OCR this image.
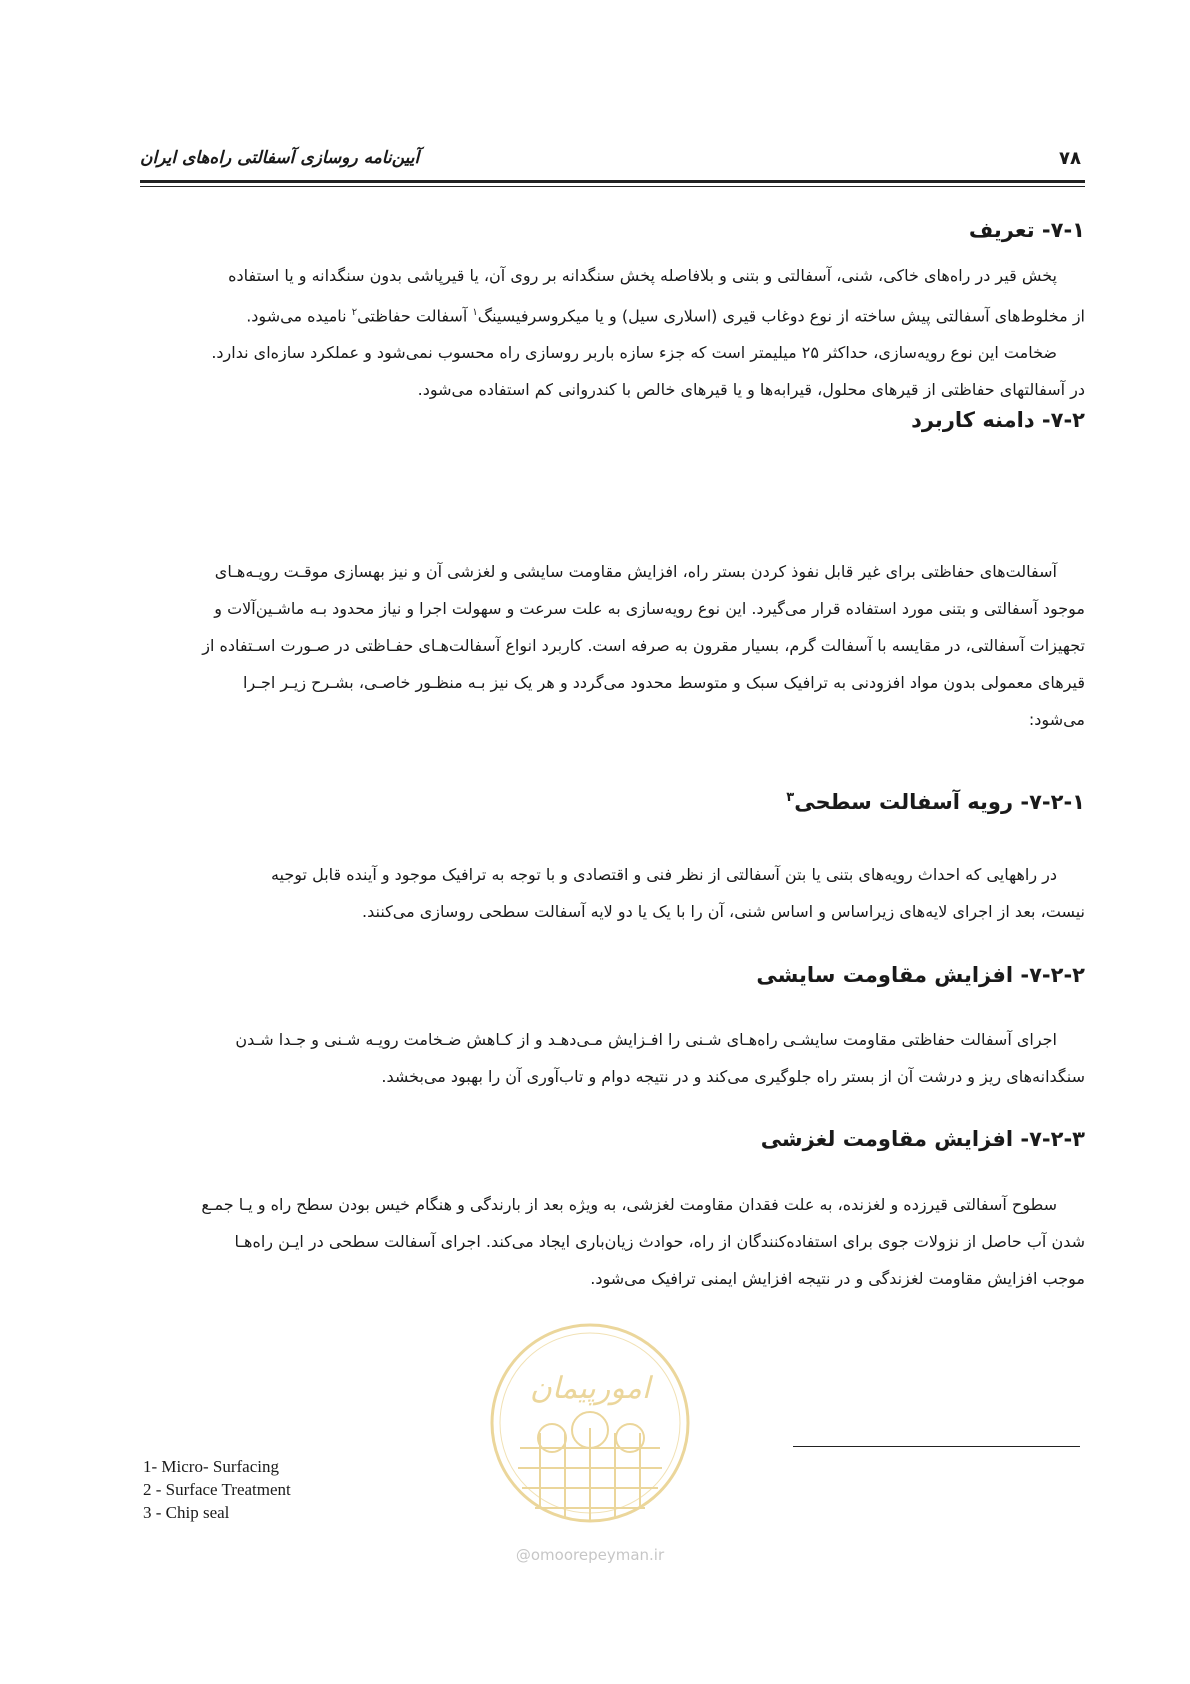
آیین‌نامه روسازی آسفالتی راه‌های ایران	۷۸
۷-۱- تعریف
پخش قیر در راه‌های خاکی، شنی، آسفالتی و بتنی و بلافاصله پخش سنگدانه بر روی آن، یا قیرپاشی بدون سنگدانه و یا استفاده
از مخلوط‌های آسفالتی پیش ساخته از نوع دوغاب قیری (اسلاری سیل) و یا میکروسرفیسینگ$^۱$ آسفالت حفاظتی$^۲$ نامیده می‌شود.
ضخامت این نوع رویه‌سازی، حداکثر ۲۵ میلیمتر است که جزء سازه باربر روسازی راه محسوب نمی‌شود و عملکرد سازه‌ای ندارد.
در آسفالتهای حفاظتی از قیرهای محلول، قیرابه‌ها و یا قیرهای خالص با کندروانی کم استفاده می‌شود.
۷-۲- دامنه کاربرد
آسفالت‌های حفاظتی برای غیر قابل نفوذ کردن بستر راه، افزایش مقاومت سایشی و لغزشی آن و نیز بهسازی موقـت رویـه‌هـای
موجود آسفالتی و بتنی مورد استفاده قرار می‌گیرد. این نوع رویه‌سازی به علت سرعت و سهولت اجرا و نیاز محدود بـه ماشـین‌آلات و
تجهیزات آسفالتی، در مقایسه با آسفالت گرم، بسیار مقرون به صرفه است. کاربرد انواع آسفالت‌هـای حفـاظتی در صـورت اسـتفاده از
قیرهای معمولی بدون مواد افزودنی به ترافیک سبک و متوسط محدود می‌گردد و هر یک نیز بـه منظـور خاصـی، بشـرح زیـر اجـرا
می‌شود:
۷-۲-۱- رویه آسفالت سطحی$^۳$
در راههایی که احداث رویه‌های بتنی یا بتن آسفالتی از نظر فنی و اقتصادی و با توجه به ترافیک موجود و آینده قابل توجیه
نیست، بعد از اجرای لایه‌های زیراساس و اساس شنی، آن را با یک یا دو لایه آسفالت سطحی روسازی می‌کنند.
۷-۲-۲- افزایش مقاومت سایشی
اجرای آسفالت حفاظتی مقاومت سایشـی راه‌هـای شـنی را افـزایش مـی‌دهـد و از کـاهش ضـخامت رویـه شـنی و جـدا شـدن
سنگدانه‌های ریز و درشت آن از بستر راه جلوگیری می‌کند و در نتیجه دوام و تاب‌آوری آن را بهبود می‌بخشد.
۷-۲-۳- افزایش مقاومت لغزشی
سطوح آسفالتی قیرزده و لغزنده، به علت فقدان مقاومت لغزشی، به ویژه بعد از بارندگی و هنگام خیس بودن سطح راه و یـا جمـع
شدن آب حاصل از نزولات جوی برای استفاده‌کنندگان از راه، حوادث زیان‌باری ایجاد می‌کند. اجرای آسفالت سطحی در ایـن راه‌هـا
موجب افزایش مقاومت لغزندگی و در نتیجه افزایش ایمنی ترافیک می‌شود.
امورپیمان
@omoorepeyman.ir
1- Micro- Surfacing
2 - Surface Treatment
3 - Chip seal
